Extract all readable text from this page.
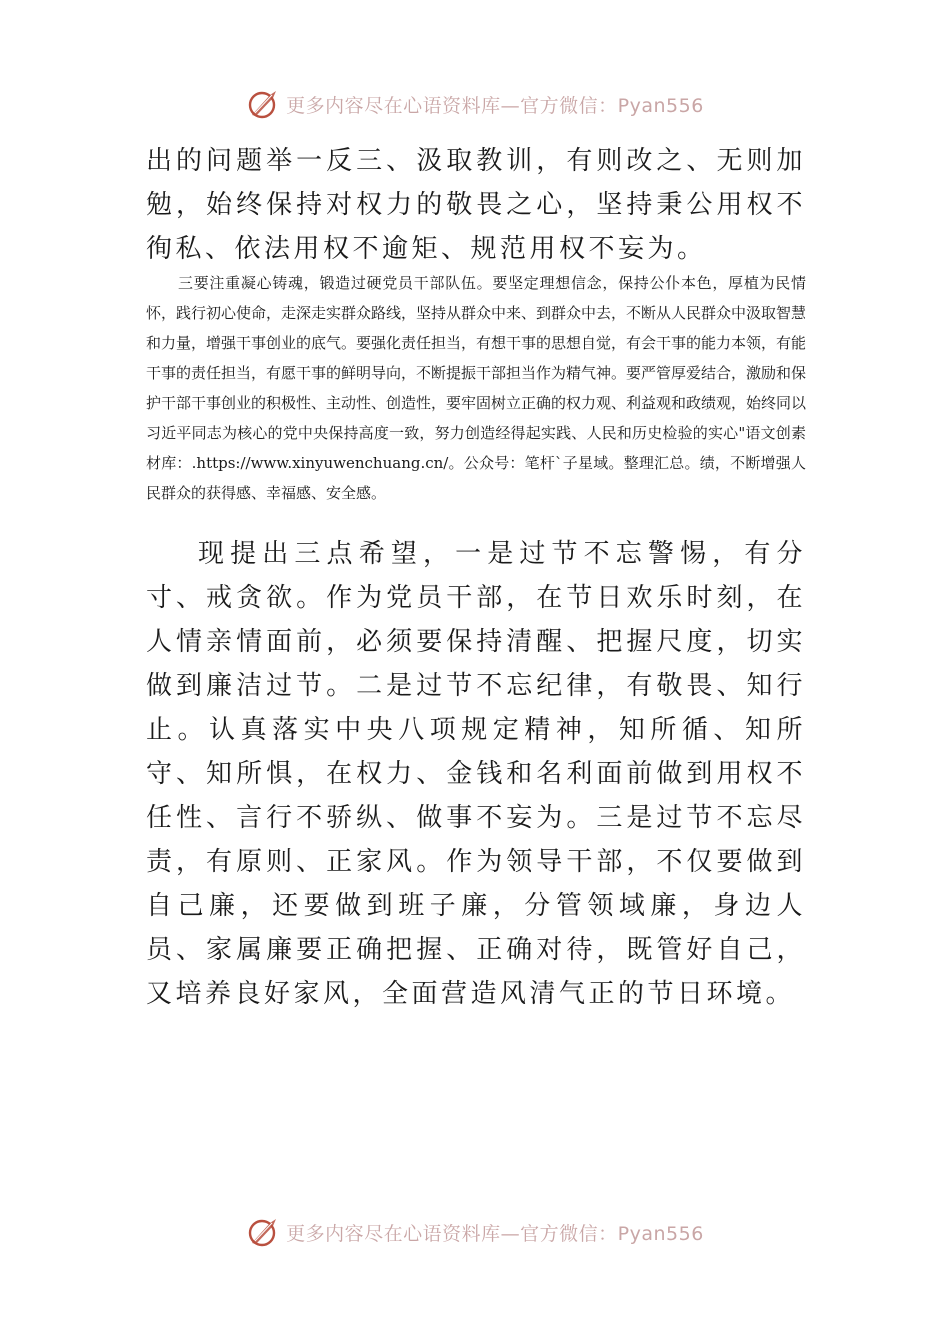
更多内容尽在心语资料库—官方微信：Pyan556

出的问题举一反三、汲取教训，有则改之、无则加勉，始终保持对权力的敬畏之心，坚持秉公用权不徇私、依法用权不逾矩、规范用权不妄为。

三要注重凝心铸魂，锻造过硬党员干部队伍。要坚定理想信念，保持公仆本色，厚植为民情怀，践行初心使命，走深走实群众路线，坚持从群众中来、到群众中去，不断从人民群众中汲取智慧和力量，增强干事创业的底气。要强化责任担当，有想干事的思想自觉，有会干事的能力本领，有能干事的责任担当，有愿干事的鲜明导向，不断提振干部担当作为精气神。要严管厚爱结合，激励和保护干部干事创业的积极性、主动性、创造性，要牢固树立正确的权力观、利益观和政绩观，始终同以习近平同志为核心的党中央保持高度一致，努力创造经得起实践、人民和历史检验的实心"语文创素材库：.https://www.xinyuwenchuang.cn/。公众号：笔杆`子星域。整理汇总。绩，不断增强人民群众的获得感、幸福感、安全感。

现提出三点希望，一是过节不忘警惕，有分寸、戒贪欲。作为党员干部，在节日欢乐时刻，在人情亲情面前，必须要保持清醒、把握尺度，切实做到廉洁过节。二是过节不忘纪律，有敬畏、知行止。认真落实中央八项规定精神，知所循、知所守、知所惧，在权力、金钱和名利面前做到用权不任性、言行不骄纵、做事不妄为。三是过节不忘尽责，有原则、正家风。作为领导干部，不仅要做到自己廉，还要做到班子廉，分管领域廉，身边人员、家属廉要正确把握、正确对待，既管好自己，又培养良好家风，全面营造风清气正的节日环境。

更多内容尽在心语资料库—官方微信：Pyan556
